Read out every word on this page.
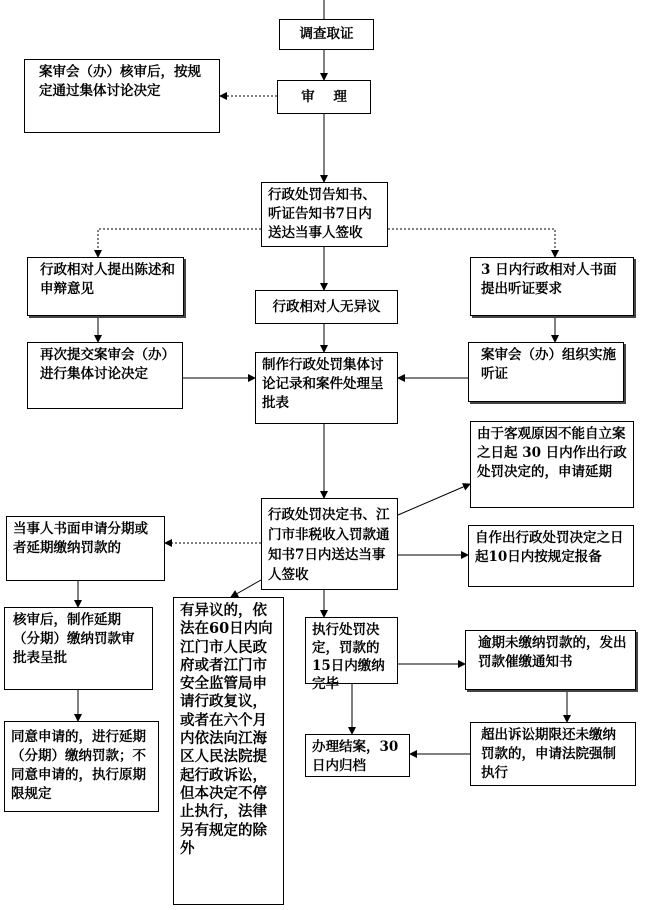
调查取证
案审会（办）核审后，按规定通过集体讨论决定	审    理
行政处罚告知书、听证告知书7日内送达当事人签收
行政相对人提出陈述和申辩意见
行政相对人无异议
3 日内行政相对人书面提出听证要求
再次提交案审会（办）进行集体讨论决定
制作行政处罚集体讨论记录和案件处理呈批表
案审会（办）组织实施听证
由于客观原因不能自立案之日起 30 日内作出行政处罚决定的，申请延期
行政处罚决定书、江门市非税收入罚款通知书7日内送达当事人签收
自作出行政处罚决定之日起10日内按规定报备
当事人书面申请分期或者延期缴纳罚款的
有异议的，依法在60日内向江门市人民政府或者江门市安全监管局申请行政复议，或者在六个月内依法向江海区人民法院提起行政诉讼，但本决定不停止执行，法律另有规定的除外
执行处罚决定，罚款的15日内缴纳完毕
逾期未缴纳罚款的，发出罚款催缴通知书
核审后，制作延期（分期）缴纳罚款审批表呈批
办理结案，30日内归档
超出诉讼期限还未缴纳罚款的，申请法院强制执行
同意申请的，进行延期（分期）缴纳罚款；不同意申请的，执行原期限规定
